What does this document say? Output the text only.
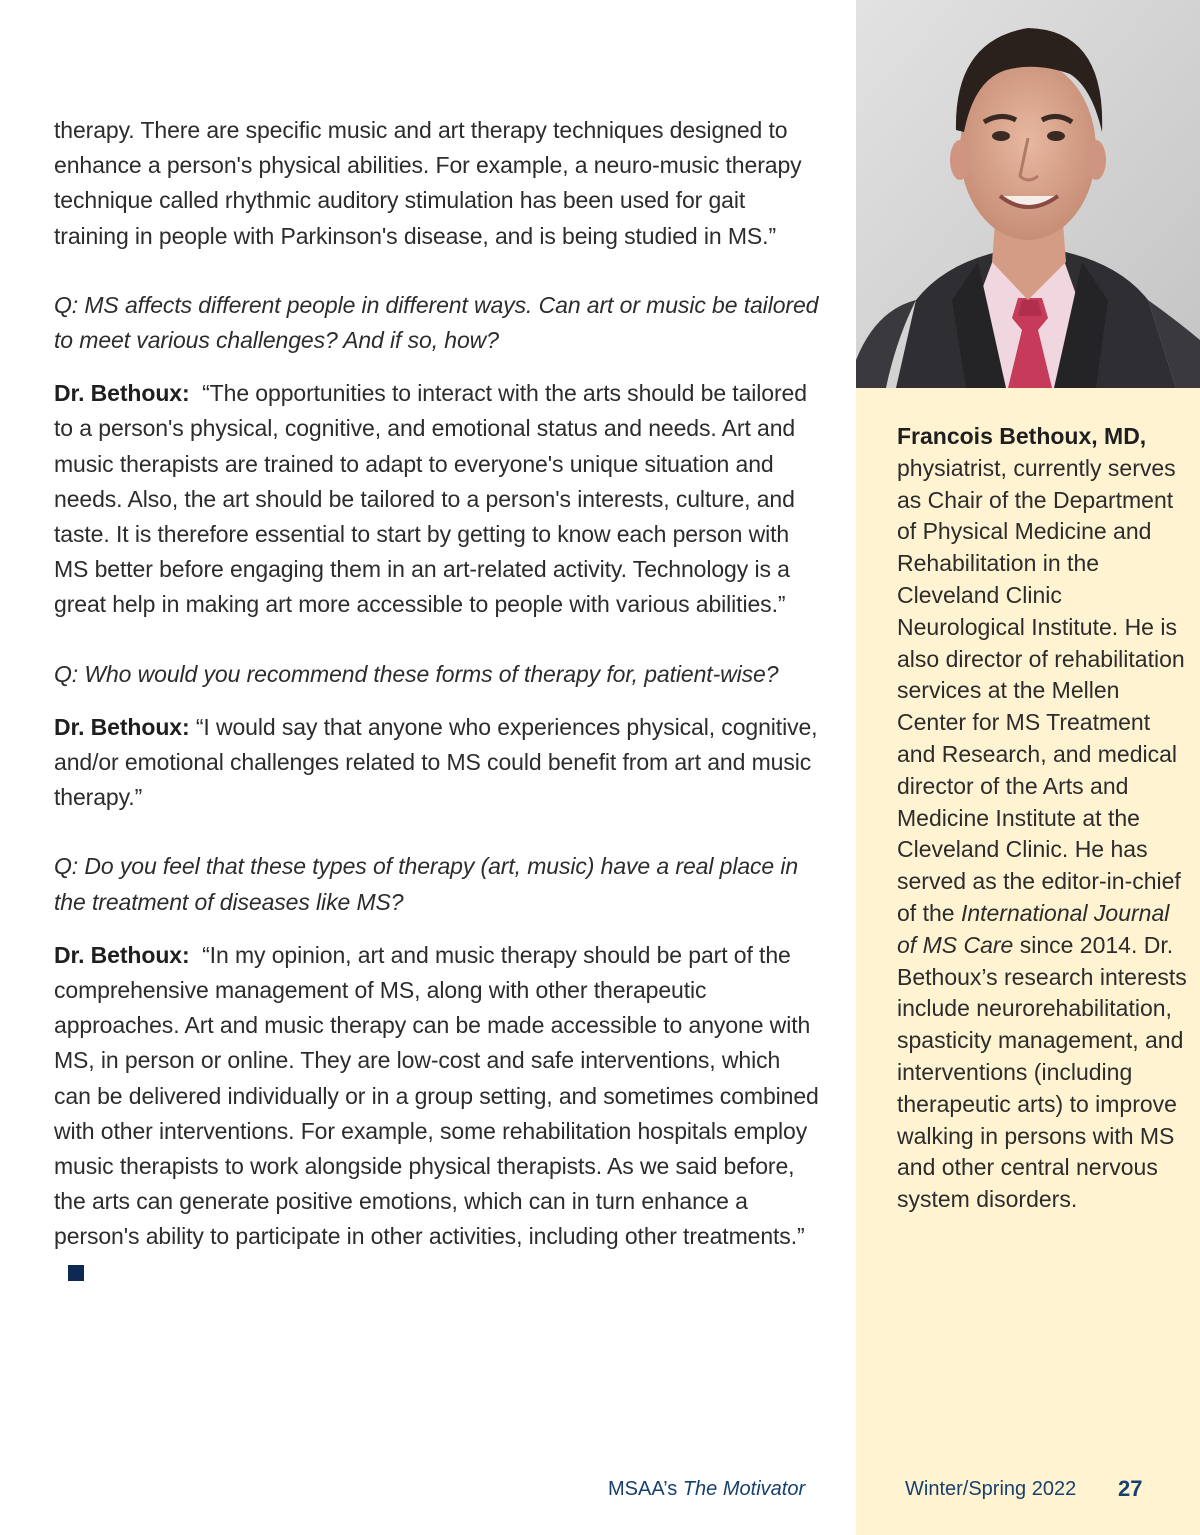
therapy. There are specific music and art therapy techniques designed to enhance a person's physical abilities. For example, a neuro-music therapy technique called rhythmic auditory stimulation has been used for gait training in people with Parkinson's disease, and is being studied in MS.”

Q: MS affects different people in different ways. Can art or music be tailored to meet various challenges? And if so, how?

Dr. Bethoux: “The opportunities to interact with the arts should be tailored to a person's physical, cognitive, and emotional status and needs. Art and music therapists are trained to adapt to everyone's unique situation and needs. Also, the art should be tailored to a person's interests, culture, and taste. It is therefore essential to start by getting to know each person with MS better before engaging them in an art-related activity. Technology is a great help in making art more accessible to people with various abilities.”

Q: Who would you recommend these forms of therapy for, patient-wise?

Dr. Bethoux: “I would say that anyone who experiences physical, cognitive, and/or emotional challenges related to MS could benefit from art and music therapy.”

Q: Do you feel that these types of therapy (art, music) have a real place in the treatment of diseases like MS?

Dr. Bethoux: “In my opinion, art and music therapy should be part of the comprehensive management of MS, along with other therapeutic approaches. Art and music therapy can be made accessible to anyone with MS, in person or online. They are low-cost and safe interventions, which can be delivered individually or in a group setting, and sometimes combined with other interventions. For example, some rehabilitation hospitals employ music therapists to work alongside physical therapists. As we said before, the arts can generate positive emotions, which can in turn enhance a person's ability to participate in other activities, including other treatments.”

Francois Bethoux, MD, physiatrist, currently serves as Chair of the Department of Physical Medicine and Rehabilitation in the Cleveland Clinic Neurological Institute. He is also director of rehabilitation services at the Mellen Center for MS Treatment and Research, and medical director of the Arts and Medicine Institute at the Cleveland Clinic. He has served as the editor-in-chief of the International Journal of MS Care since 2014. Dr. Bethoux’s research interests include neurorehabilitation, spasticity management, and interventions (including therapeutic arts) to improve walking in persons with MS and other central nervous system disorders.
MSAA’s The Motivator	Winter/Spring 2022 27
